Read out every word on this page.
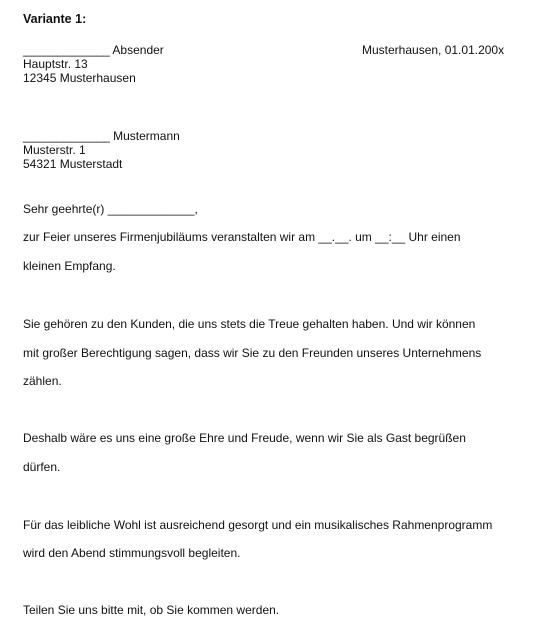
Variante 1:
_____________ Absender	Musterhausen, 01.01.200x
Hauptstr. 13
12345 Musterhausen
_____________ Mustermann
Musterstr. 1
54321 Musterstadt
Sehr geehrte(r) _____________,
zur Feier unseres Firmenjubiläums veranstalten wir am __.__. um __:__ Uhr einen
kleinen Empfang.
Sie gehören zu den Kunden, die uns stets die Treue gehalten haben. Und wir können
mit großer Berechtigung sagen, dass wir Sie zu den Freunden unseres Unternehmens
zählen.
Deshalb wäre es uns eine große Ehre und Freude, wenn wir Sie als Gast begrüßen
dürfen.
Für das leibliche Wohl ist ausreichend gesorgt und ein musikalisches Rahmenprogramm
wird den Abend stimmungsvoll begleiten.
Teilen Sie uns bitte mit, ob Sie kommen werden.
